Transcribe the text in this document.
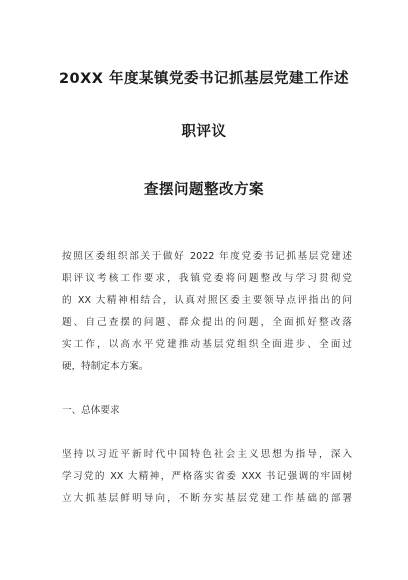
20XX 年度某镇党委书记抓基层党建工作述
职评议
查摆问题整改方案
按照区委组织部关于做好 2022 年度党委书记抓基层党建述
职评议考核工作要求，我镇党委将问题整改与学习贯彻党
的 XX 大精神相结合，认真对照区委主要领导点评指出的问
题、自己查摆的问题、群众提出的问题，全面抓好整改落
实工作，以高水平党建推动基层党组织全面进步、全面过
硬，特制定本方案。
一、总体要求
坚持以习近平新时代中国特色社会主义思想为指导，深入
学习党的 XX 大精神，严格落实省委 XXX 书记强调的牢固树
立大抓基层鲜明导向，不断夯实基层党建工作基础的部署
